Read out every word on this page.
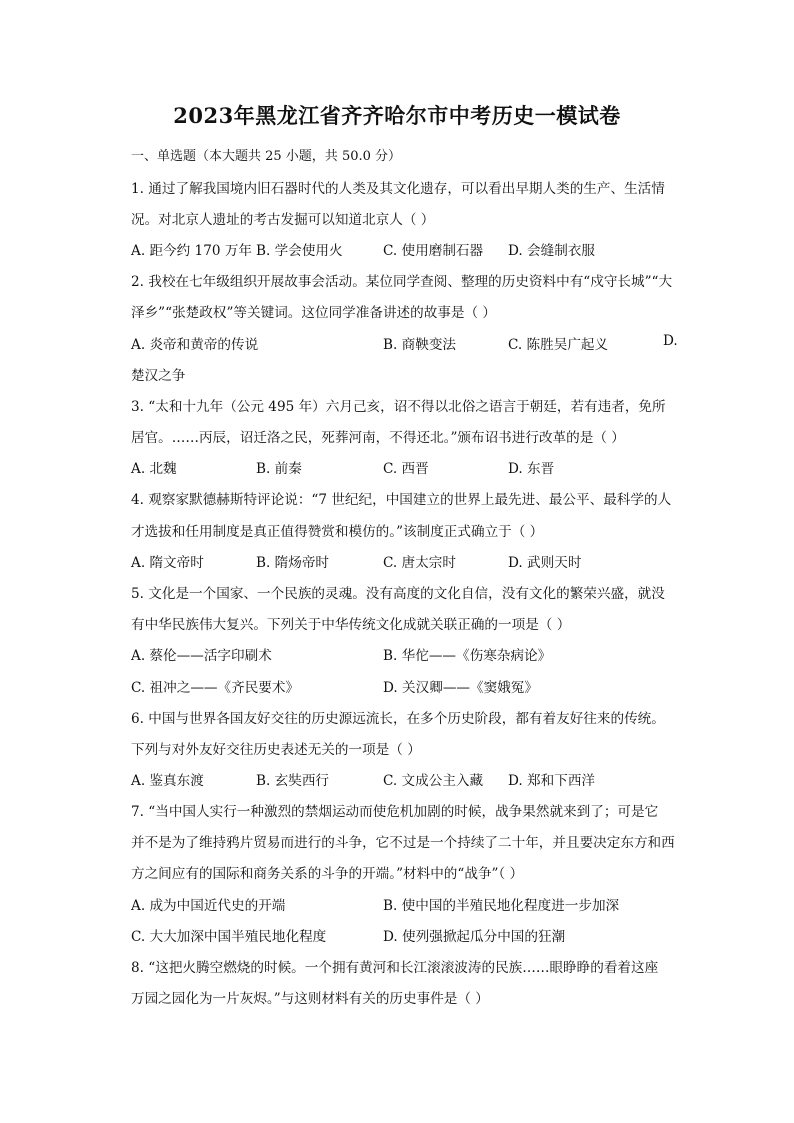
2023年黑龙江省齐齐哈尔市中考历史一模试卷
一、单选题（本大题共 25 小题，共 50.0 分）
1. 通过了解我国境内旧石器时代的人类及其文化遗存，可以看出早期人类的生产、生活情
况。对北京人遗址的考古发掘可以知道北京人（ ）
A. 距今约 170 万年 B. 学会使用火	C. 使用磨制石器 D. 会缝制衣服
2. 我校在七年级组织开展故事会活动。某位同学查阅、整理的历史资料中有“戍守长城”“大
泽乡”“张楚政权”等关键词。这位同学准备讲述的故事是（ ）
A. 炎帝和黄帝的传说	B. 商鞅变法	C. 陈胜吴广起义	D.
楚汉之争
3. “太和十九年（公元 495 年）六月己亥，诏不得以北俗之语言于朝廷，若有违者，免所
居官。……丙辰，诏迁洛之民，死葬河南，不得还北。”颁布诏书进行改革的是（ ）
A. 北魏	B. 前秦	C. 西晋	D. 东晋
4. 观察家默德赫斯特评论说：“7 世纪纪，中国建立的世界上最先进、最公平、最科学的人
才选拔和任用制度是真正值得赞赏和模仿的。”该制度正式确立于（ ）
A. 隋文帝时	B. 隋炀帝时	C. 唐太宗时	D. 武则天时
5. 文化是一个国家、一个民族的灵魂。没有高度的文化自信，没有文化的繁荣兴盛，就没
有中华民族伟大复兴。下列关于中华传统文化成就关联正确的一项是（ ）
A. 蔡伦——活字印刷术	B. 华佗——《伤寒杂病论》
C. 祖冲之——《齐民要术》	D. 关汉卿——《窦娥冤》
6. 中国与世界各国友好交往的历史源远流长，在多个历史阶段，都有着友好往来的传统。
下列与对外友好交往历史表述无关的一项是（ ）
A. 鉴真东渡	B. 玄奘西行	C. 文成公主入藏 D. 郑和下西洋
7. “当中国人实行一种激烈的禁烟运动而使危机加剧的时候，战争果然就来到了；可是它
并不是为了维持鸦片贸易而进行的斗争，它不过是一个持续了二十年，并且要决定东方和西
方之间应有的国际和商务关系的斗争的开端。”材料中的“战争”（ ）
A. 成为中国近代史的开端	B. 使中国的半殖民地化程度进一步加深
C. 大大加深中国半殖民地化程度	D. 使列强掀起瓜分中国的狂潮
8. “这把火腾空燃烧的时候。一个拥有黄河和长江滚滚波涛的民族……眼睁睁的看着这座
万园之园化为一片灰烬。”与这则材料有关的历史事件是（ ）
